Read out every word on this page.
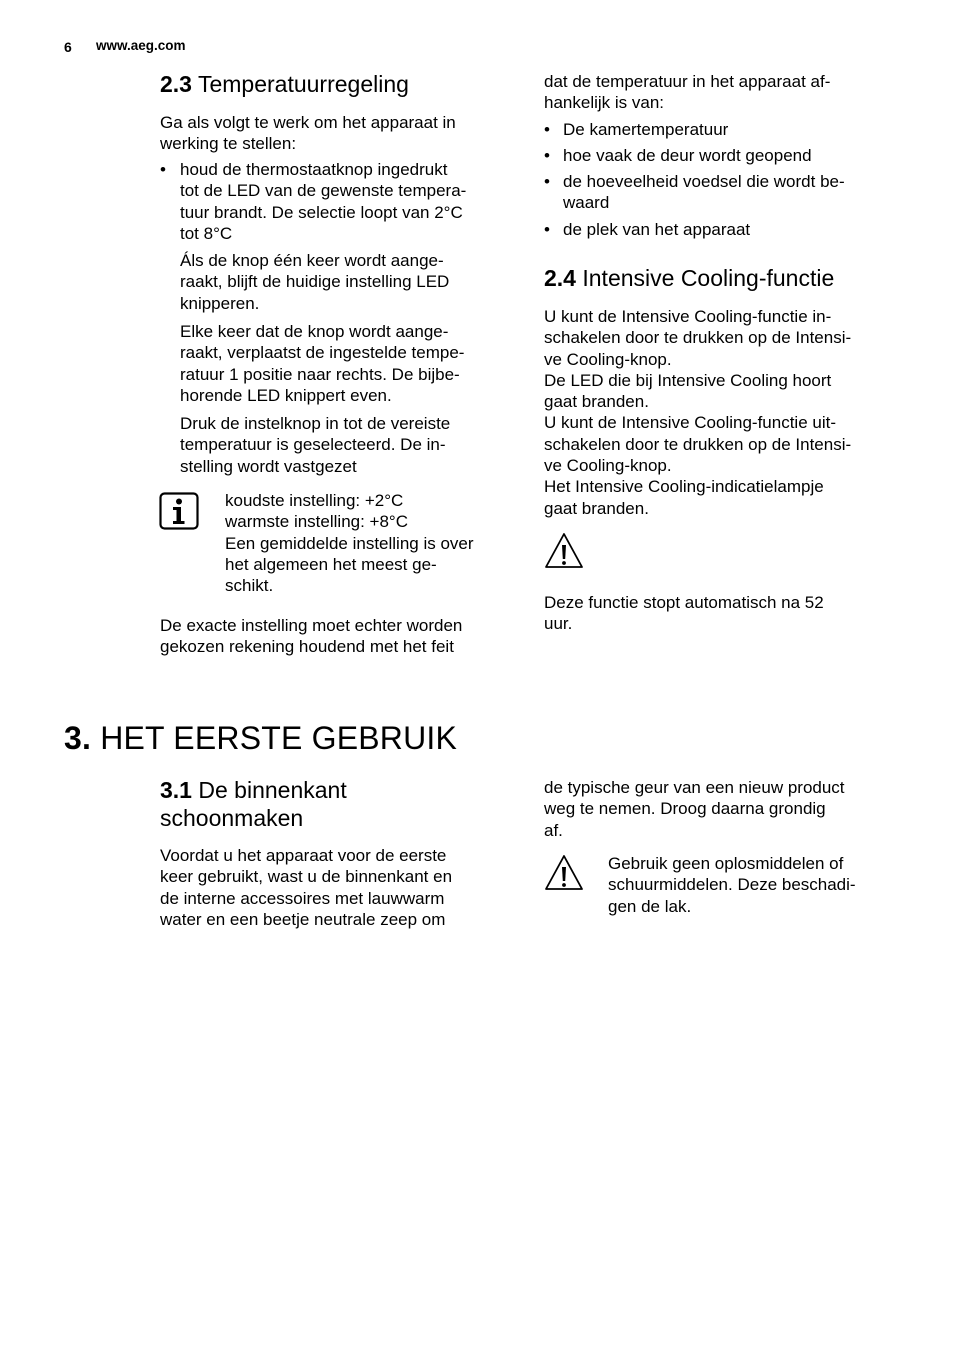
6 www.aeg.com
2.3 Temperatuurregeling
Ga als volgt te werk om het apparaat in
werking te stellen:
• houd de thermostaatknop ingedrukt
tot de LED van de gewenste tempera-
tuur brandt. De selectie loopt van 2°C
tot 8°C
Áls de knop één keer wordt aange-
raakt, blijft de huidige instelling LED
knipperen.
Elke keer dat de knop wordt aange-
raakt, verplaatst de ingestelde tempe-
ratuur 1 positie naar rechts. De bijbe-
horende LED knippert even.
Druk de instelknop in tot de vereiste
temperatuur is geselecteerd. De in-
stelling wordt vastgezet
koudste instelling: +2°C
warmste instelling: +8°C
Een gemiddelde instelling is over
het algemeen het meest ge-
schikt.
De exacte instelling moet echter worden
gekozen rekening houdend met het feit
dat de temperatuur in het apparaat af-
hankelijk is van:
• De kamertemperatuur
• hoe vaak de deur wordt geopend
• de hoeveelheid voedsel die wordt be-
waard
• de plek van het apparaat
2.4 Intensive Cooling-functie
U kunt de Intensive Cooling-functie in-
schakelen door te drukken op de Intensi-
ve Cooling-knop.
De LED die bij Intensive Cooling hoort
gaat branden.
U kunt de Intensive Cooling-functie uit-
schakelen door te drukken op de Intensi-
ve Cooling-knop.
Het Intensive Cooling-indicatielampje
gaat branden.
Deze functie stopt automatisch na 52
uur.
3. HET EERSTE GEBRUIK
3.1 De binnenkant
schoonmaken
Voordat u het apparaat voor de eerste
keer gebruikt, wast u de binnenkant en
de interne accessoires met lauwwarm
water en een beetje neutrale zeep om
de typische geur van een nieuw product
weg te nemen. Droog daarna grondig
af.
Gebruik geen oplosmiddelen of
schuurmiddelen. Deze beschadi-
gen de lak.
